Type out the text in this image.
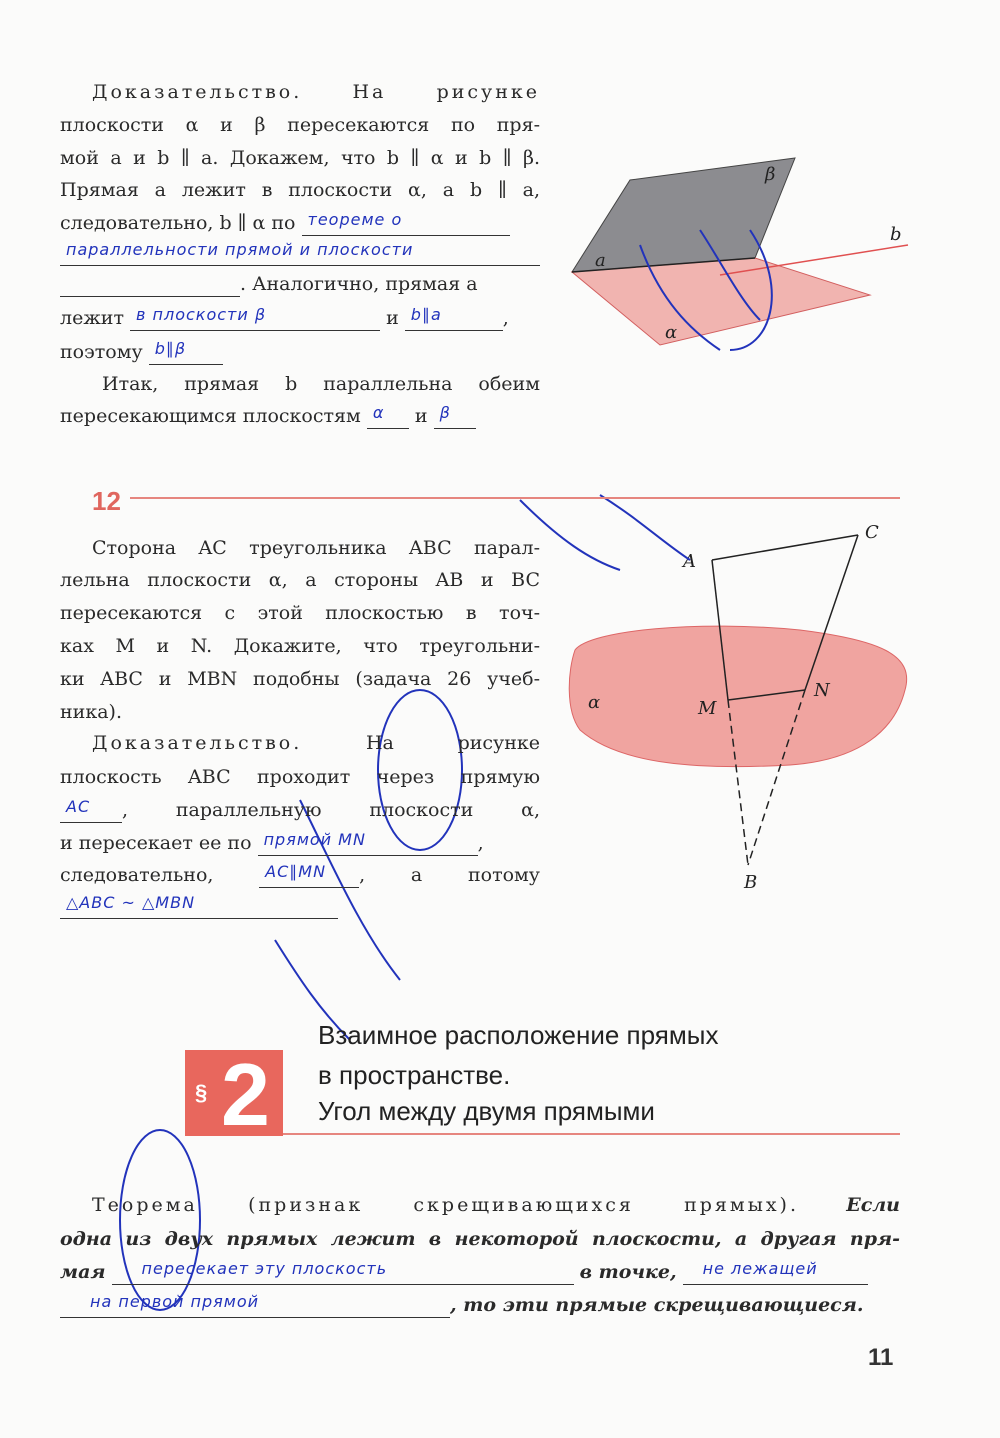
Доказательство.	На	рисунке
плоскости α и β пересекаются по пря-
мой a и b ∥ a. Докажем, что b ∥ α и b ∥ β.
Прямая a лежит в плоскости α, а b ∥ a,
следовательно, b ∥ α по теореме о
параллельности прямой и плоскости
. Аналогично, прямая a
лежит в плоскости β	и b∥a	,
поэтому b∥β
Итак, прямая b параллельна обеим
пересекающимся плоскостям α и β
β
b
a
α
A
C
α	M
N
B
12
Сторона AC треугольника ABC парал-
лельна плоскости α, а стороны AB и BC
пересекаются с этой плоскостью в точ-
ках M и N. Докажите, что треугольни-
ки ABC и MBN подобны (задача 26 учеб-
ника).
Доказательство.	На	рисунке
плоскость ABC проходит через прямую
AC ,	параллельную	плоскости	α,
и пересекает ее по прямой MN	,
следовательно,	AC∥MN , а потому
△ABC ~ △MBN
§ 2
Взаимное расположение прямых
в пространстве.
Угол между двумя прямыми
Теорема (признак скрещивающихся прямых). Если
одна из двух прямых лежит в некоторой плоскости, а другая пря-
мая пересекает эту плоскость	в точке, не лежащей
на первой прямой	, то эти прямые скрещивающиеся.
11
